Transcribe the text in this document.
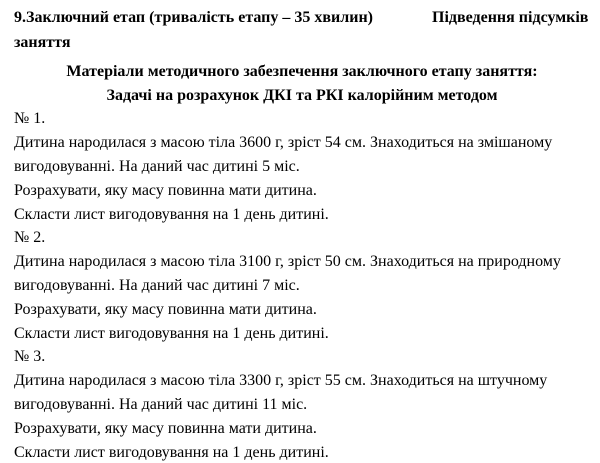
9.Заключний етап (тривалість етапу – 35 хвилин)	Підведення підсумків
заняття
Матеріали методичного забезпечення заключного етапу заняття:
Задачі на розрахунок ДКІ та РКІ калорійним методом
№ 1.
Дитина народилася з масою тіла 3600 г, зріст 54 см. Знаходиться на змішаному
вигодовуванні. На даний час дитині 5 міс.
Розрахувати, яку масу повинна мати дитина.
Скласти лист вигодовування на 1 день дитині.
№ 2.
Дитина народилася з масою тіла 3100 г, зріст 50 см. Знаходиться на природному
вигодовуванні. На даний час дитині 7 міс.
Розрахувати, яку масу повинна мати дитина.
Скласти лист вигодовування на 1 день дитині.
№ 3.
Дитина народилася з масою тіла 3300 г, зріст 55 см. Знаходиться на штучному
вигодовуванні. На даний час дитині 11 міс.
Розрахувати, яку масу повинна мати дитина.
Скласти лист вигодовування на 1 день дитині.
